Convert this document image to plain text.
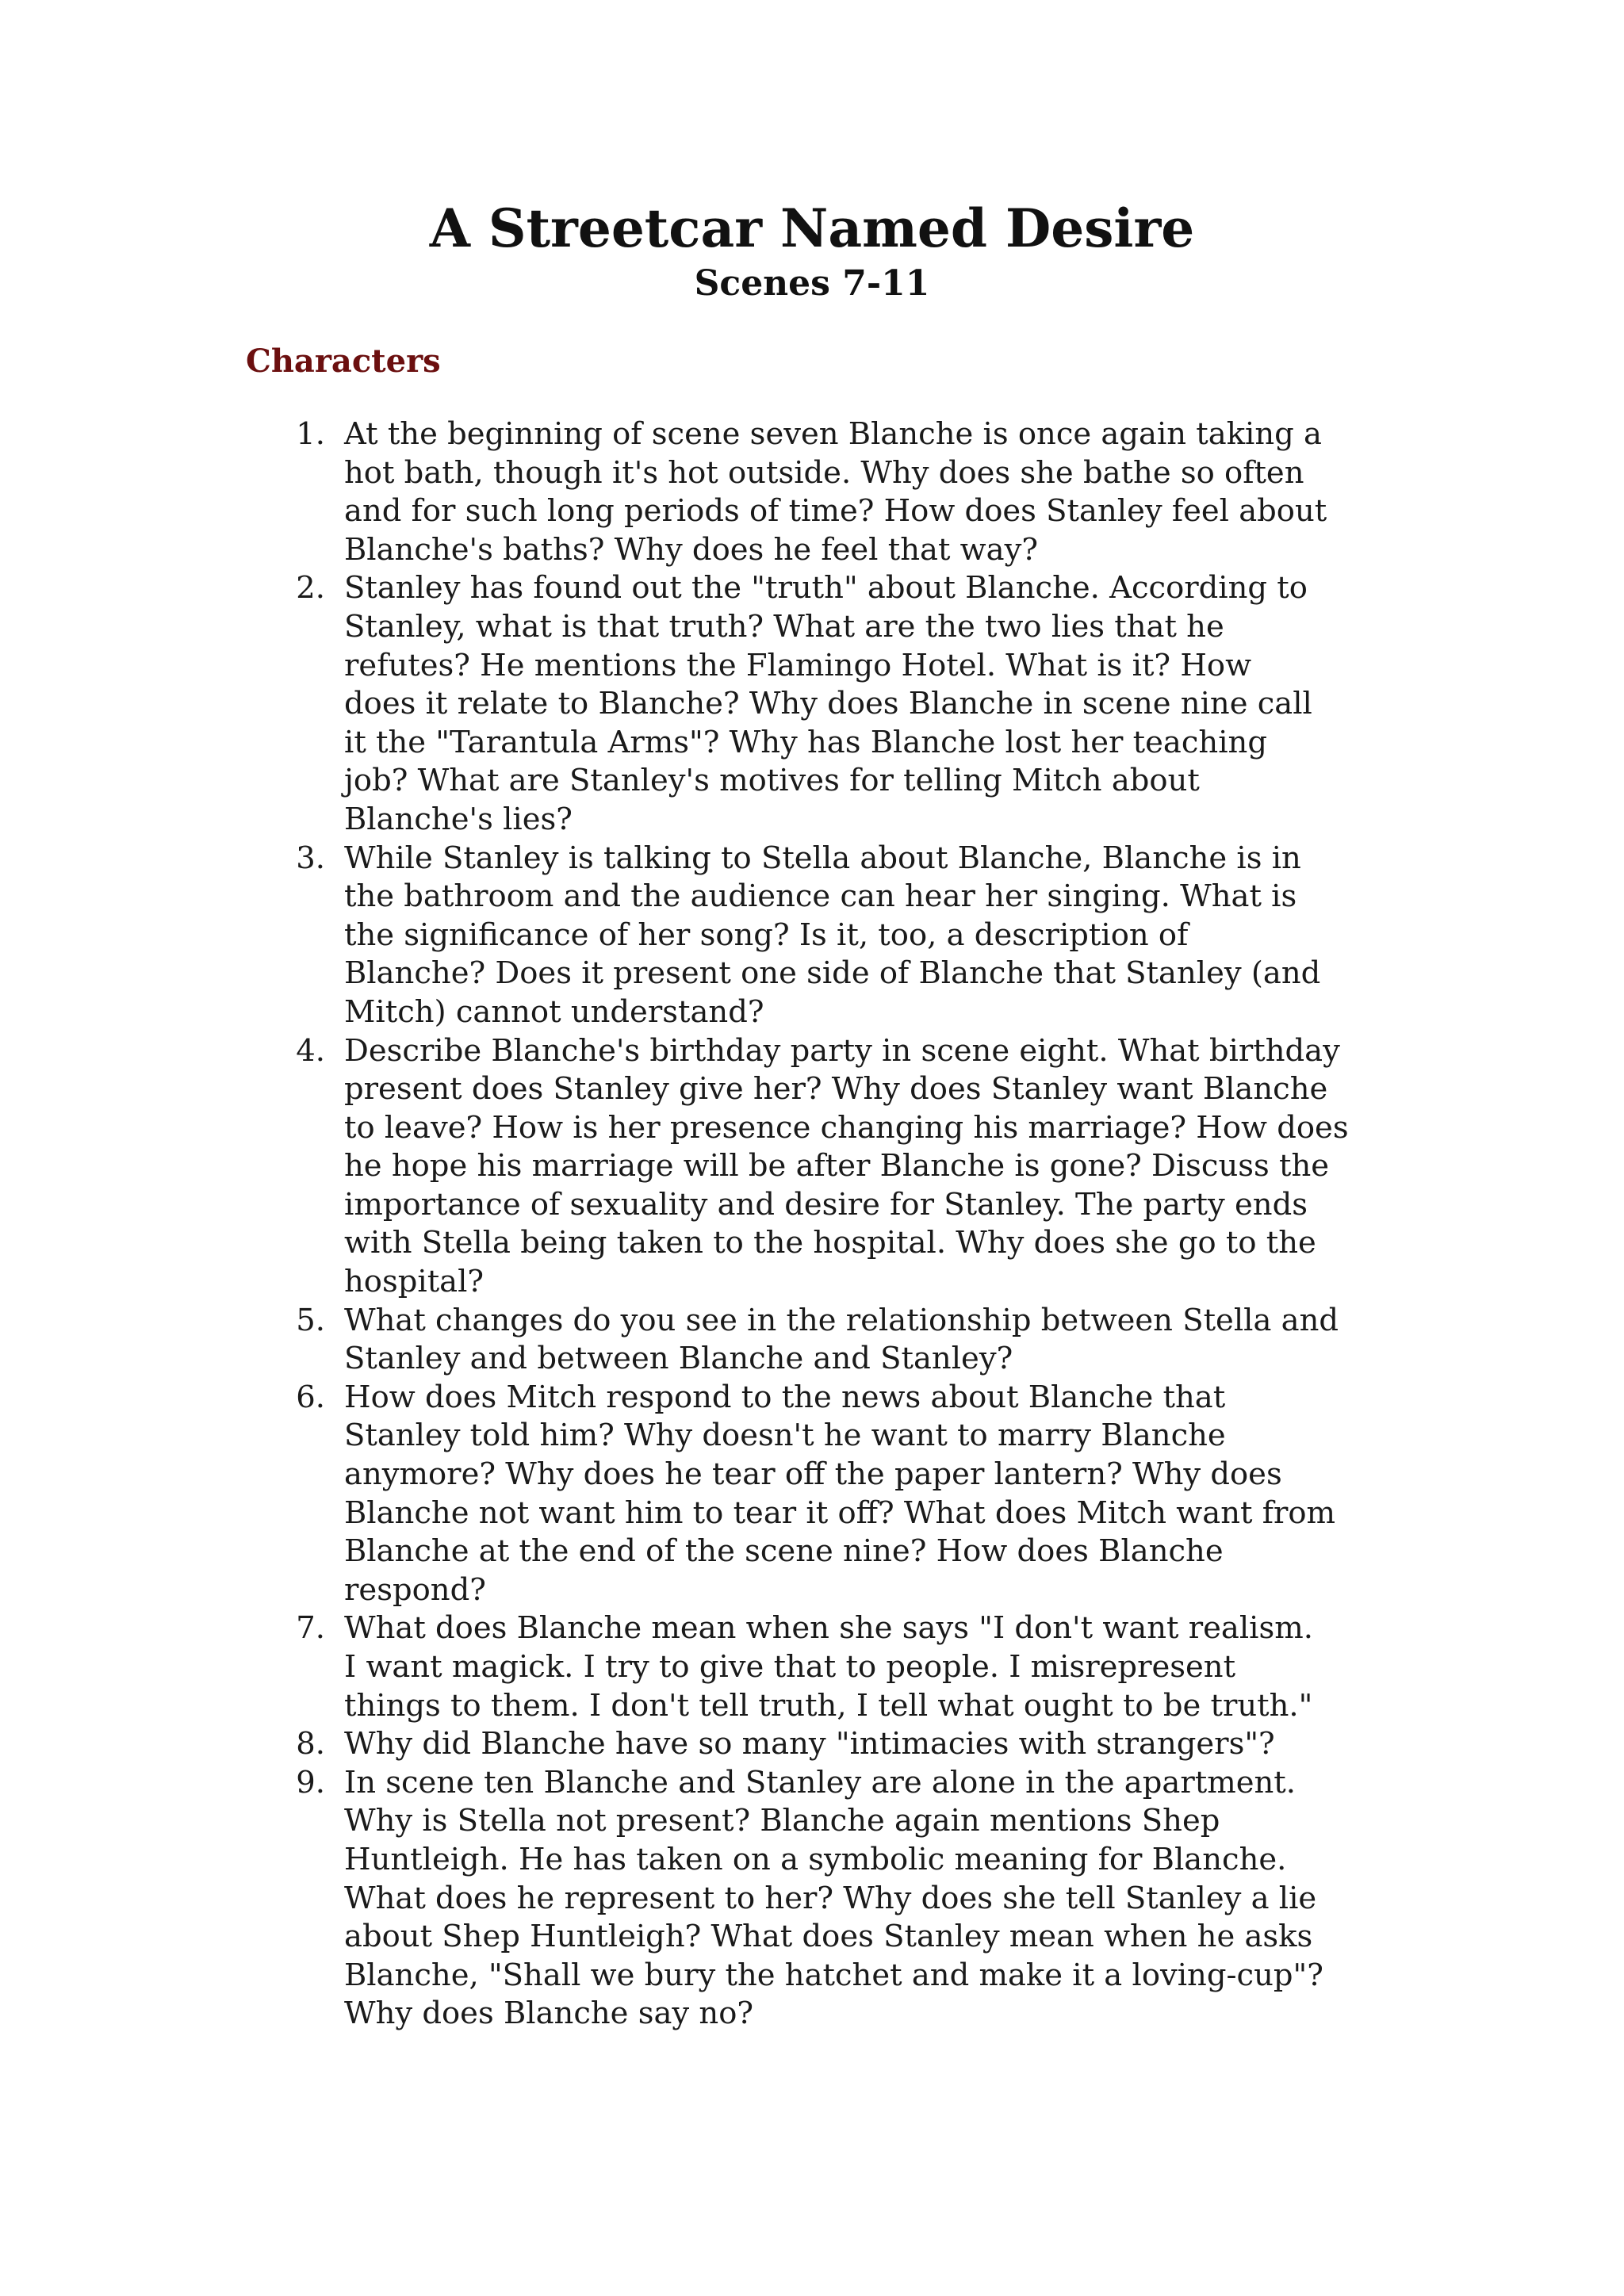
A Streetcar Named Desire
Scenes 7-11
Characters
1. At the beginning of scene seven Blanche is once again taking a
hot bath, though it's hot outside. Why does she bathe so often
and for such long periods of time? How does Stanley feel about
Blanche's baths? Why does he feel that way?
2. Stanley has found out the "truth" about Blanche. According to
Stanley, what is that truth? What are the two lies that he
refutes? He mentions the Flamingo Hotel. What is it? How
does it relate to Blanche? Why does Blanche in scene nine call
it the "Tarantula Arms"? Why has Blanche lost her teaching
job? What are Stanley's motives for telling Mitch about
Blanche's lies?
3. While Stanley is talking to Stella about Blanche, Blanche is in
the bathroom and the audience can hear her singing. What is
the significance of her song? Is it, too, a description of
Blanche? Does it present one side of Blanche that Stanley (and
Mitch) cannot understand?
4. Describe Blanche's birthday party in scene eight. What birthday
present does Stanley give her? Why does Stanley want Blanche
to leave? How is her presence changing his marriage? How does
he hope his marriage will be after Blanche is gone? Discuss the
importance of sexuality and desire for Stanley. The party ends
with Stella being taken to the hospital. Why does she go to the
hospital?
5. What changes do you see in the relationship between Stella and
Stanley and between Blanche and Stanley?
6. How does Mitch respond to the news about Blanche that
Stanley told him? Why doesn't he want to marry Blanche
anymore? Why does he tear off the paper lantern? Why does
Blanche not want him to tear it off? What does Mitch want from
Blanche at the end of the scene nine? How does Blanche
respond?
7. What does Blanche mean when she says "I don't want realism.
I want magick. I try to give that to people. I misrepresent
things to them. I don't tell truth, I tell what ought to be truth."
8. Why did Blanche have so many "intimacies with strangers"?
9. In scene ten Blanche and Stanley are alone in the apartment.
Why is Stella not present? Blanche again mentions Shep
Huntleigh. He has taken on a symbolic meaning for Blanche.
What does he represent to her? Why does she tell Stanley a lie
about Shep Huntleigh? What does Stanley mean when he asks
Blanche, "Shall we bury the hatchet and make it a loving-cup"?
Why does Blanche say no?
